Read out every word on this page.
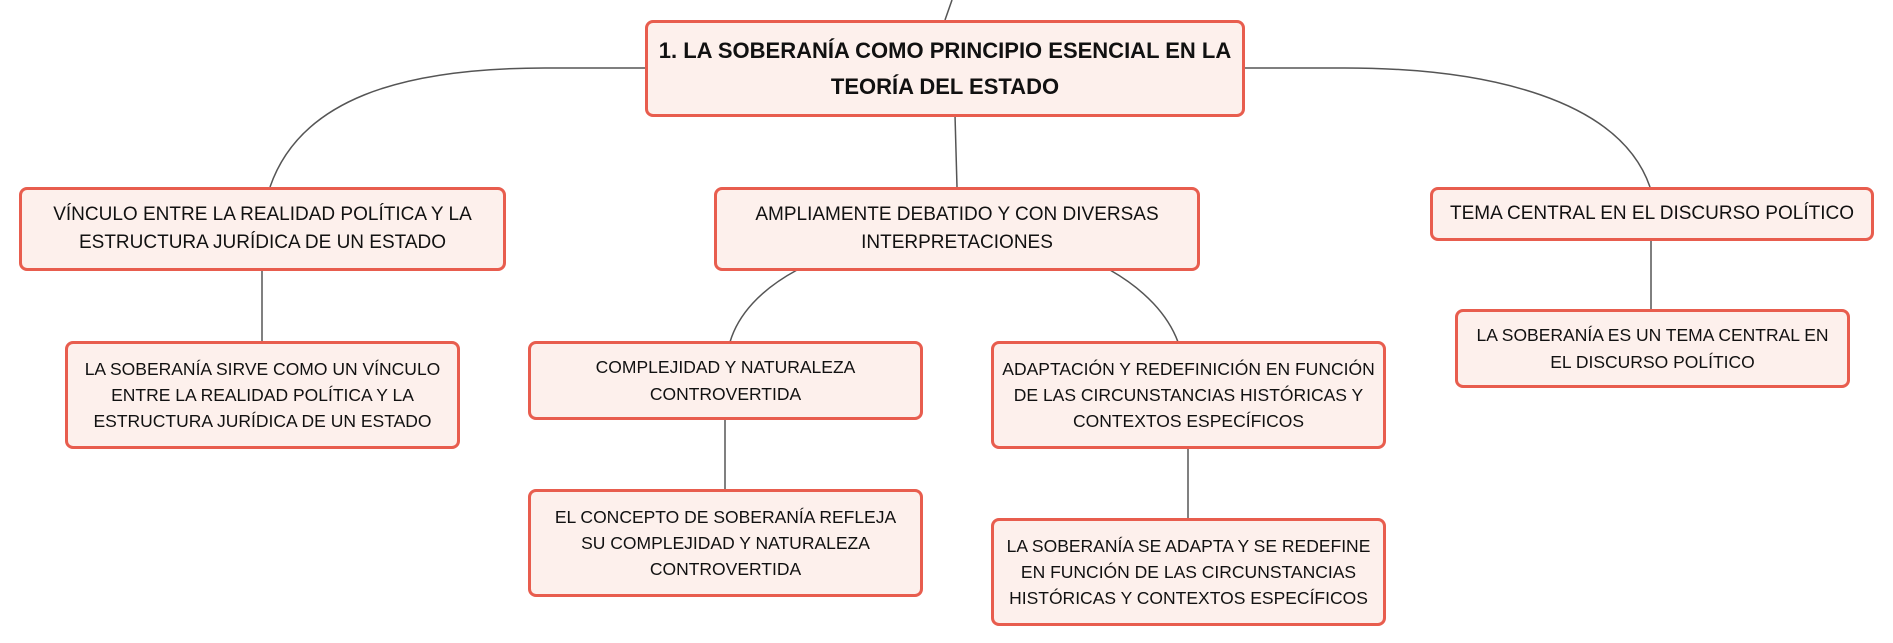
1. LA SOBERANÍA COMO PRINCIPIO ESENCIAL EN LA TEORÍA DEL ESTADO
VÍNCULO ENTRE LA REALIDAD POLÍTICA Y LA ESTRUCTURA JURÍDICA DE UN ESTADO
AMPLIAMENTE DEBATIDO Y CON DIVERSAS INTERPRETACIONES
TEMA CENTRAL EN EL DISCURSO POLÍTICO
LA SOBERANÍA SIRVE COMO UN VÍNCULO ENTRE LA REALIDAD POLÍTICA Y LA ESTRUCTURA JURÍDICA DE UN ESTADO
COMPLEJIDAD Y NATURALEZA CONTROVERTIDA
ADAPTACIÓN Y REDEFINICIÓN EN FUNCIÓN DE LAS CIRCUNSTANCIAS HISTÓRICAS Y CONTEXTOS ESPECÍFICOS
EL CONCEPTO DE SOBERANÍA REFLEJA SU COMPLEJIDAD Y NATURALEZA CONTROVERTIDA
LA SOBERANÍA SE ADAPTA Y SE REDEFINE EN FUNCIÓN DE LAS CIRCUNSTANCIAS HISTÓRICAS Y CONTEXTOS ESPECÍFICOS
LA SOBERANÍA ES UN TEMA CENTRAL EN EL DISCURSO POLÍTICO
